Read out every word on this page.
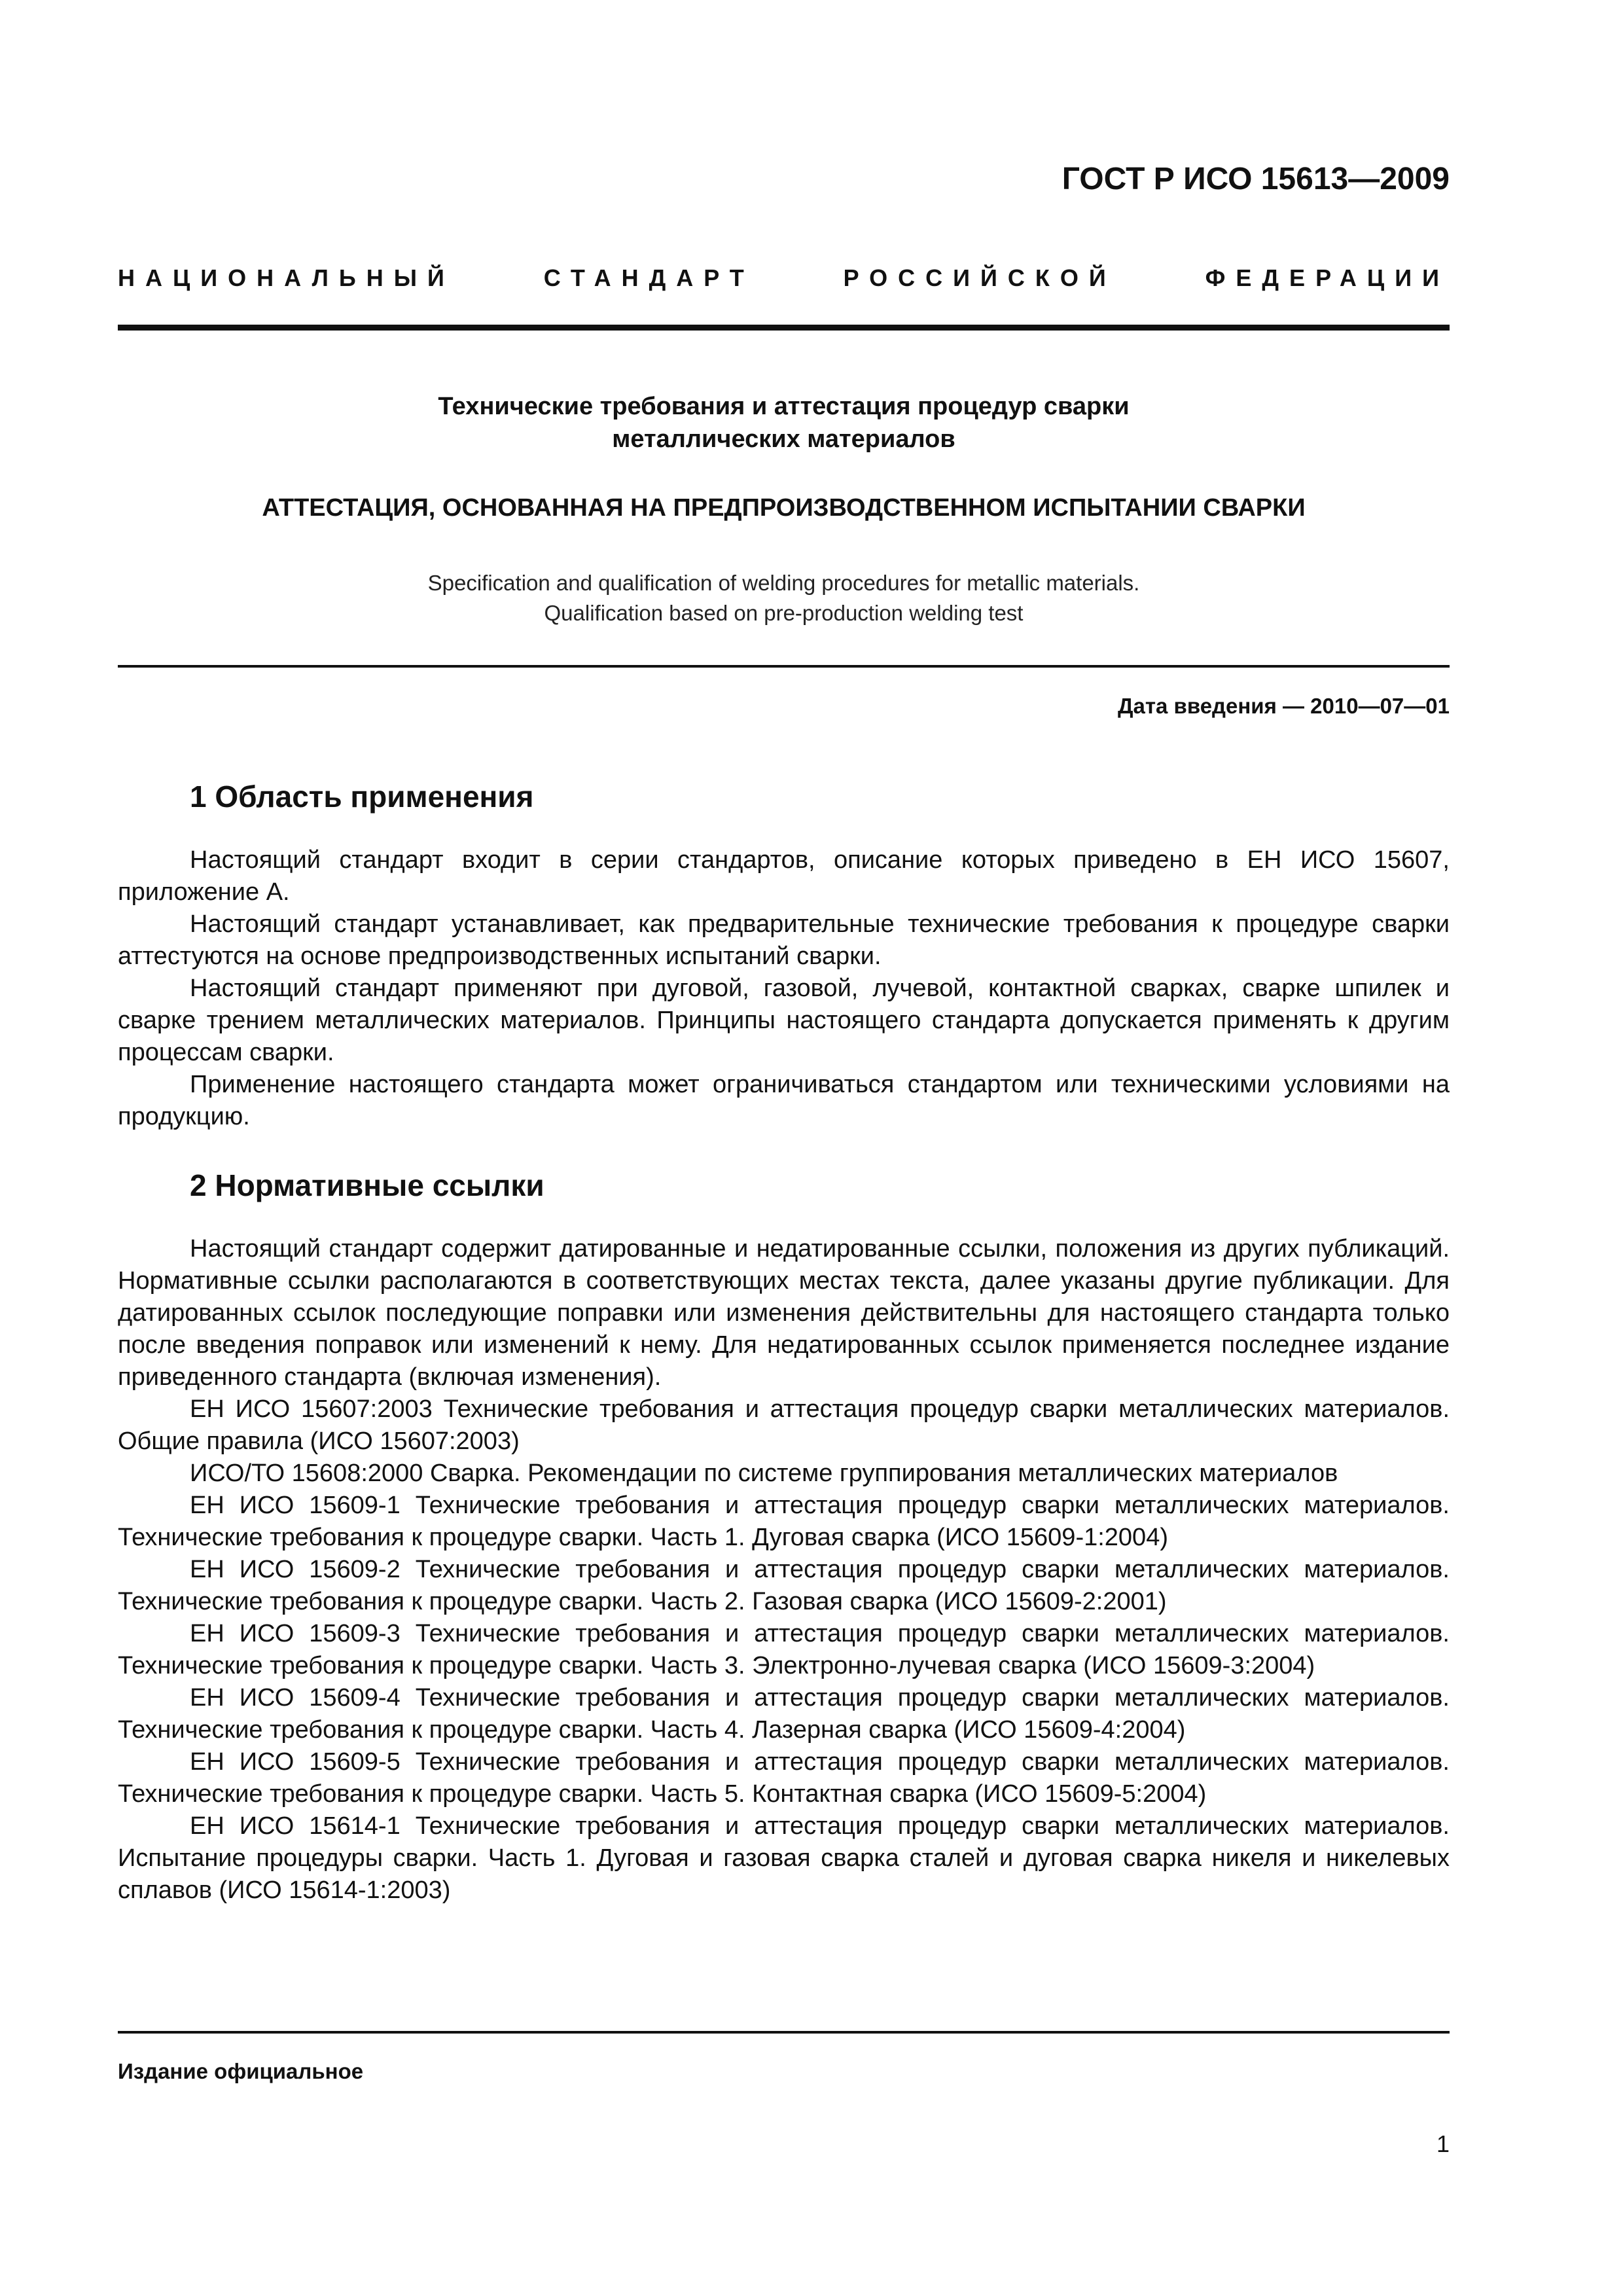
ГОСТ Р ИСО 15613—2009
НАЦИОНАЛЬНЫЙ	СТАНДАРТ	РОССИЙСКОЙ	ФЕДЕРАЦИИ
Технические требования и аттестация процедур сварки
металлических материалов
АТТЕСТАЦИЯ, ОСНОВАННАЯ НА ПРЕДПРОИЗВОДСТВЕННОМ ИСПЫТАНИИ СВАРКИ
Specification and qualification of welding procedures for metallic materials.
Qualification based on pre-production welding test
Дата введения — 2010—07—01
1 Область применения

Настоящий стандарт входит в серии стандартов, описание которых приведено в ЕН ИСО 15607, приложение А.

Настоящий стандарт устанавливает, как предварительные технические требования к процедуре сварки аттестуются на основе предпроизводственных испытаний сварки.

Настоящий стандарт применяют при дуговой, газовой, лучевой, контактной сварках, сварке шпилек и сварке трением металлических материалов. Принципы настоящего стандарта допускается применять к другим процессам сварки.

Применение настоящего стандарта может ограничиваться стандартом или техническими условиями на продукцию.

2 Нормативные ссылки

Настоящий стандарт содержит датированные и недатированные ссылки, положения из других публикаций. Нормативные ссылки располагаются в соответствующих местах текста, далее указаны другие публикации. Для датированных ссылок последующие поправки или изменения действительны для настоящего стандарта только после введения поправок или изменений к нему. Для недатированных ссылок применяется последнее издание приведенного стандарта (включая изменения).

ЕН ИСО 15607:2003 Технические требования и аттестация процедур сварки металлических материалов. Общие правила (ИСО 15607:2003)

ИСО/ТО 15608:2000 Сварка. Рекомендации по системе группирования металлических материалов

ЕН ИСО 15609-1 Технические требования и аттестация процедур сварки металлических материалов. Технические требования к процедуре сварки. Часть 1. Дуговая сварка (ИСО 15609-1:2004)

ЕН ИСО 15609-2 Технические требования и аттестация процедур сварки металлических материалов. Технические требования к процедуре сварки. Часть 2. Газовая сварка (ИСО 15609-2:2001)

ЕН ИСО 15609-3 Технические требования и аттестация процедур сварки металлических материалов. Технические требования к процедуре сварки. Часть 3. Электронно-лучевая сварка (ИСО 15609-3:2004)

ЕН ИСО 15609-4 Технические требования и аттестация процедур сварки металлических материалов. Технические требования к процедуре сварки. Часть 4. Лазерная сварка (ИСО 15609-4:2004)

ЕН ИСО 15609-5 Технические требования и аттестация процедур сварки металлических материалов. Технические требования к процедуре сварки. Часть 5. Контактная сварка (ИСО 15609-5:2004)

ЕН ИСО 15614-1 Технические требования и аттестация процедур сварки металлических материалов. Испытание процедуры сварки. Часть 1. Дуговая и газовая сварка сталей и дуговая сварка никеля и никелевых сплавов (ИСО 15614-1:2003)

Издание официальное
1
